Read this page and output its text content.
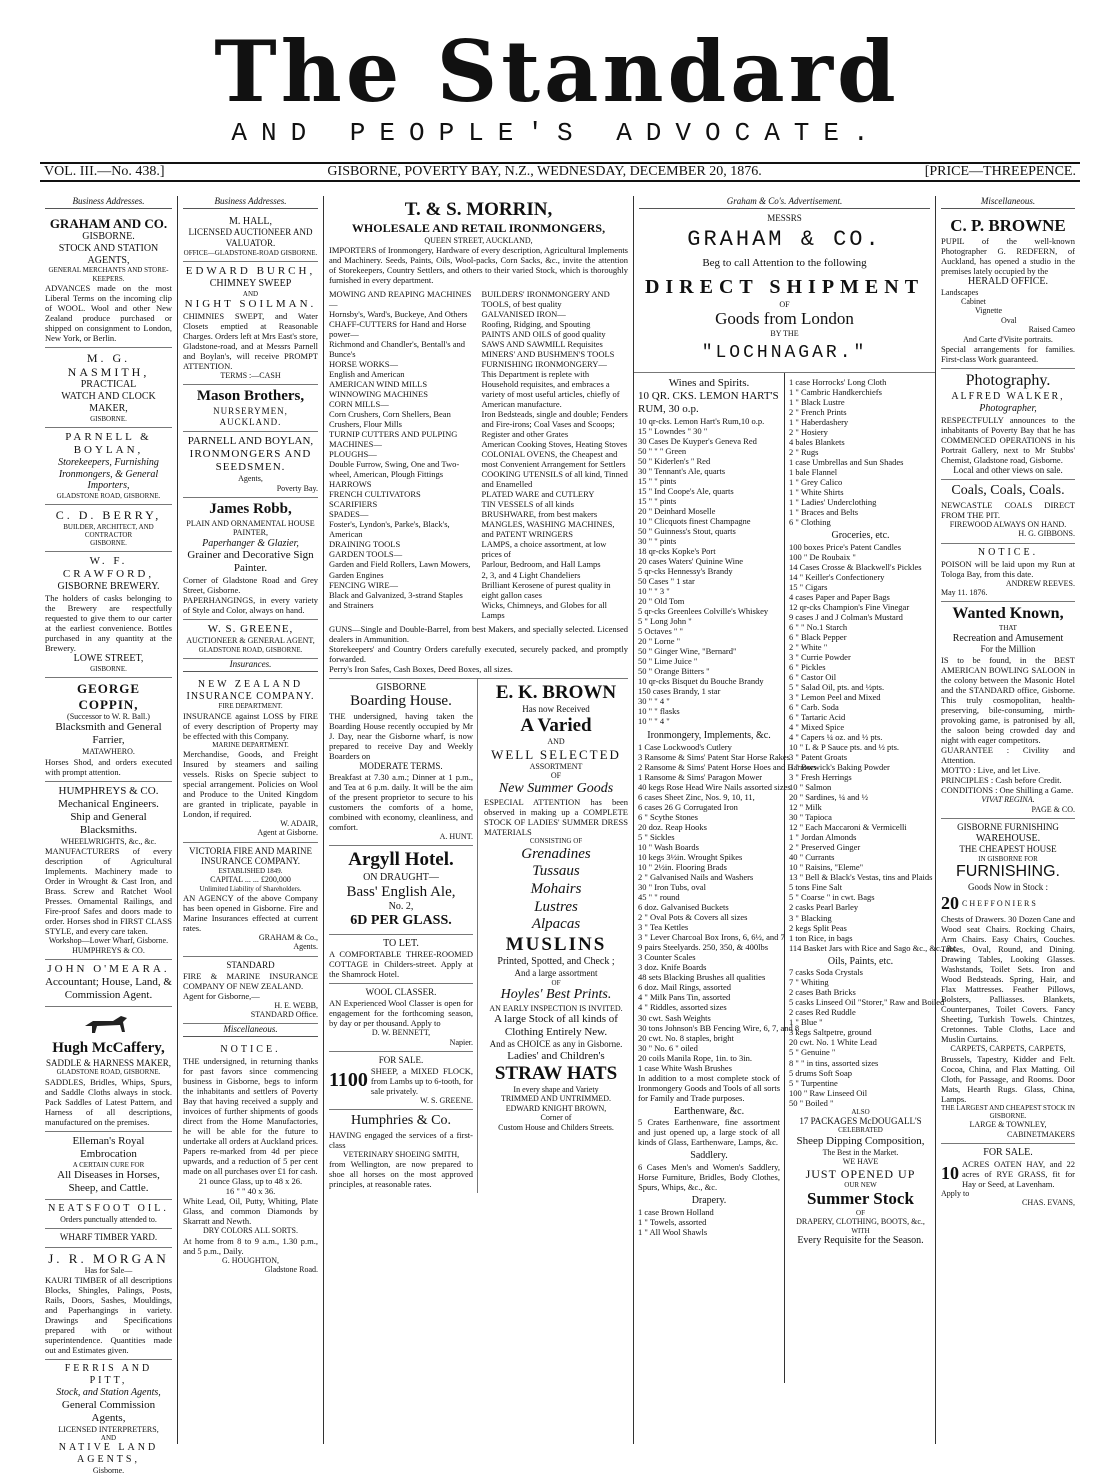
The Standard
AND PEOPLE'S ADVOCATE.
VOL. III.—No. 438.]	GISBORNE, POVERTY BAY, N.Z., WEDNESDAY, DECEMBER 20, 1876.	[PRICE—THREEPENCE.
Business Addresses.
GRAHAM AND CO.
GISBORNE.
STOCK AND STATION AGENTS,
GENERAL MERCHANTS AND STORE-KEEPERS.
ADVANCES made on the most Liberal Terms on the incoming clip of WOOL. Wool and other New Zealand produce purchased or shipped on consignment to London, New York, or Berlin.
M. G. NASMITH,
PRACTICAL
WATCH AND CLOCK MAKER,
GISBORNE.
PARNELL & BOYLAN,
Storekeepers, Furnishing Ironmongers, & General Importers,
GLADSTONE ROAD, GISBORNE.
C. D. BERRY,
BUILDER, ARCHITECT, AND CONTRACTOR
GISBORNE.
W. F. CRAWFORD,
GISBORNE BREWERY.
The holders of casks belonging to the Brewery are respectfully requested to give them to our carter at the earliest convenience. Bottles purchased in any quantity at the Brewery.
LOWE STREET,
GISBORNE.
GEORGE COPPIN,
(Successor to W. R. Ball.)
Blacksmith and General Farrier,
MATAWHERO.
Horses Shod, and orders executed with prompt attention.
HUMPHREYS & CO.
Mechanical Engineers.
Ship and General Blacksmiths.
WHEELWRIGHTS, &c., &c.
MANUFACTURERS of every description of Agricultural Implements. Machinery made to Order in Wrought & Cast Iron, and Brass. Screw and Ratchet Wool Presses. Ornamental Railings, and Fire-proof Safes and doors made to order. Horses shod in FIRST CLASS STYLE, and every care taken.
Workshop—Lower Wharf, Gisborne.
HUMPHREYS & CO.
JOHN O'MEARA.
Accountant; House, Land, & Commission Agent.
Hugh McCaffery,
SADDLE & HARNESS MAKER,
GLADSTONE ROAD, GISBORNE.
SADDLES, Bridles, Whips, Spurs, and Saddle Cloths always in stock. Pack Saddles of Latest Pattern, and Harness of all descriptions, manufactured on the premises.
Elleman's Royal Embrocation
A CERTAIN CURE FOR
All Diseases in Horses, Sheep, and Cattle.
NEATSFOOT OIL.
Orders punctually attended to.
WHARF TIMBER YARD.
J. R. MORGAN
Has for Sale—
KAURI TIMBER of all descriptions Blocks, Shingles, Palings, Posts, Rails, Doors, Sashes, Mouldings, and Paperhangings in variety. Drawings and Specifications prepared with or without superintendence. Quantities made out and Estimates given.
FERRIS AND PITT,
Stock, and Station Agents,
General Commission Agents,
LICENSED INTERPRETERS,
AND
NATIVE LAND AGENTS,
Gisborne.
Business Addresses.
M. HALL,
LICENSED AUCTIONEER AND VALUATOR.
OFFICE—GLADSTONE-ROAD GISBORNE.
EDWARD BURCH,
CHIMNEY SWEEP
AND
NIGHT SOILMAN.
CHIMNIES SWEPT, and Water Closets emptied at Reasonable Charges. Orders left at Mrs East's store, Gladstone-road, and at Messrs Parnell and Boylan's, will receive PROMPT ATTENTION.
TERMS :—CASH
Mason Brothers,
NURSERYMEN, AUCKLAND.
PARNELL AND BOYLAN,
IRONMONGERS AND SEEDSMEN.
Agents,
Poverty Bay.
James Robb,
PLAIN AND ORNAMENTAL HOUSE PAINTER,
Paperhanger & Glazier,
Grainer and Decorative Sign Painter.
Corner of Gladstone Road and Grey Street, Gisborne.
PAPERHANGINGS, in every variety of Style and Color, always on hand.
W. S. GREENE,
AUCTIONEER & GENERAL AGENT,
GLADSTONE ROAD, GISBORNE.
Insurances.
NEW ZEALAND
INSURANCE COMPANY.
FIRE DEPARTMENT.
INSURANCE against LOSS by FIRE of every description of Property may be effected with this Company.
MARINE DEPARTMENT.
Merchandise, Goods, and Freight Insured by steamers and sailing vessels. Risks on Specie subject to special arrangement. Policies on Wool and Produce to the United Kingdom are granted in triplicate, payable in London, if required.
W. ADAIR,
Agent at Gisborne.
VICTORIA FIRE AND MARINE INSURANCE COMPANY.
ESTABLISHED 1849.
CAPITAL ... ... £200,000
Unlimited Liability of Shareholders.
AN AGENCY of the above Company has been opened in Gisborne. Fire and Marine Insurances effected at current rates.
GRAHAM & Co.,
Agents.
STANDARD
FIRE & MARINE INSURANCE COMPANY OF NEW ZEALAND.
Agent for Gisborne,—
H. E. WEBB,
STANDARD Office.
Miscellaneous.
NOTICE.
THE undersigned, in returning thanks for past favors since commencing business in Gisborne, begs to inform the inhabitants and settlers of Poverty Bay that having received a supply and invoices of further shipments of goods direct from the Home Manufactories, he will be able for the future to undertake all orders at Auckland prices. Papers re-marked from 4d per piece upwards, and a reduction of 5 per cent made on all purchases over £1 for cash.
21 ounce Glass, up to 48 x 26.
16 " " 40 x 36.
White Lead, Oil, Putty, Whiting, Plate Glass, and common Diamonds by Skarratt and Newth.
DRY COLORS ALL SORTS.
At home from 8 to 9 a.m., 1.30 p.m., and 5 p.m., Daily.
G. HOUGHTON,
Gladstone Road.
T. & S. MORRIN,
WHOLESALE AND RETAIL IRONMONGERS,
QUEEN STREET, AUCKLAND,
IMPORTERS of Ironmongery, Hardware of every description, Agricultural Implements and Machinery. Seeds, Paints, Oils, Wool-packs, Corn Sacks, &c., invite the attention of Storekeepers, Country Settlers, and others to their varied Stock, which is thoroughly furnished in every department.
MOWING AND REAPING MACHINES—
Hornsby's, Ward's, Buckeye, And Others
CHAFF-CUTTERS for Hand and Horse power—
Richmond and Chandler's, Bentall's and Bunce's
HORSE WORKS—
English and American
AMERICAN WIND MILLS
WINNOWING MACHINES
CORN MILLS—
Corn Crushers, Corn Shellers, Bean Crushers, Flour Mills
TURNIP CUTTERS AND PULPING MACHINES—
PLOUGHS—
Double Furrow, Swing, One and Two-wheel, American, Plough Fittings
HARROWS
FRENCH CULTIVATORS
SCARIFIERS
SPADES—
Foster's, Lyndon's, Parke's, Black's, American
DRAINING TOOLS
GARDEN TOOLS—
Garden and Field Rollers, Lawn Mowers, Garden Engines
FENCING WIRE—
Black and Galvanized, 3-strand Staples and Strainers
BUILDERS' IRONMONGERY AND TOOLS, of best quality
GALVANISED IRON—
Roofing, Ridging, and Spouting
PAINTS AND OILS of good quality
SAWS AND SAWMILL Requisites
MINERS' AND BUSHMEN'S TOOLS
FURNISHING IRONMONGERY—
This Department is replete with Household requisites, and embraces a variety of most useful articles, chiefly of American manufacture.
Iron Bedsteads, single and double; Fenders and Fire-irons; Coal Vases and Scoops; Register and other Grates
American Cooking Stoves, Heating Stoves
COLONIAL OVENS, the Cheapest and most Convenient Arrangement for Settlers
COOKING UTENSILS of all kind, Tinned and Enamelled
PLATED WARE and CUTLERY
TIN VESSELS of all kinds
BRUSHWARE, from best makers
MANGLES, WASHING MACHINES, and PATENT WRINGERS
LAMPS, a choice assortment, at low prices of
Parlour, Bedroom, and Hall Lamps
2, 3, and 4 Light Chandeliers
Brilliant Kerosene of purest quality in eight gallon cases
Wicks, Chimneys, and Globes for all Lamps
GUNS—Single and Double-Barrel, from best Makers, and specially selected. Licensed dealers in Ammunition.
Storekeepers' and Country Orders carefully executed, securely packed, and promptly forwarded.
Perry's Iron Safes, Cash Boxes, Deed Boxes, all sizes.
GISBORNE
Boarding House.
THE undersigned, having taken the Boarding House recently occupied by Mr J. Day, near the Gisborne wharf, is now prepared to receive Day and Weekly Boarders on
MODERATE TERMS.
Breakfast at 7.30 a.m.; Dinner at 1 p.m., and Tea at 6 p.m. daily. It will be the aim of the present proprietor to secure to his customers the comforts of a home, combined with economy, cleanliness, and comfort.
A. HUNT.
Argyll Hotel.
ON DRAUGHT—
Bass' English Ale,
No. 2,
6D PER GLASS.
TO LET.
A COMFORTABLE THREE-ROOMED COTTAGE in Childers-street. Apply at the Shamrock Hotel.
WOOL CLASSER.
AN Experienced Wool Classer is open for engagement for the forthcoming season, by day or per thousand. Apply to
D. W. BENNETT,
Napier.
FOR SALE.
1100 SHEEP, a MIXED FLOCK, from Lambs up to 6-tooth, for sale privately.
W. S. GREENE.
Humphries & Co.
HAVING engaged the services of a first-class
VETERINARY SHOEING SMITH,
from Wellington, are now prepared to shoe all horses on the most approved principles, at reasonable rates.
E. K. BROWN
Has now Received
A Varied
AND
WELL SELECTED
ASSORTMENT
OF
New Summer Goods
ESPECIAL ATTENTION has been observed in making up a COMPLETE STOCK OF LADIES' SUMMER DRESS MATERIALS
CONSISTING OF
Grenadines
Tussaus
Mohairs
Lustres
Alpacas
MUSLINS
Printed, Spotted, and Check ;
And a large assortment
OF
Hoyles' Best Prints.
AN EARLY INSPECTION IS INVITED.
A large Stock of all kinds of Clothing Entirely New.
And as CHOICE as any in Gisborne.
Ladies' and Children's
STRAW HATS
In every shape and Variety
TRIMMED AND UNTRIMMED.
EDWARD KNIGHT BROWN,
Corner of
Custom House and Childers Streets.
Graham & Co's. Advertisement.
MESSRS
GRAHAM & CO.
Beg to call Attention to the following
DIRECT SHIPMENT
OF
Goods from London
BY THE
"LOCHNAGAR."
Wines and Spirits.
10 QR. CKS. LEMON HART'S RUM, 30 o.p.
10 qr-cks. Lemon Hart's Rum,10 o.p.
15 " Lowndes " 30 "
30 Cases De Kuyper's Geneva Red
50 " " " Green
50 " Kiderlen's " Red
30 " Tennant's Ale, quarts
15 " " pints
15 " Ind Coope's Ale, quarts
15 " " pints
20 " Deinhard Moselle
10 " Clicquots finest Champagne
50 " Guinness's Stout, quarts
30 " " pints
18 qr-cks Kopke's Port
20 cases Waters' Quinine Wine
5 qr-cks Hennessy's Brandy
50 Cases " 1 star
10 " " 3 "
20 " Old Tom
5 qr-cks Greenlees Colville's Whiskey
5 " Long John "
5 Octaves " "
20 " Lorne "
50 " Ginger Wine, "Bernard"
50 " Lime Juice "
50 " Orange Bitters "
10 qr-cks Bisquet du Bouche Brandy
150 cases Brandy, 1 star
30 " " 4 "
10 " " flasks
10 " " 4 "
Ironmongery, Implements, &c.
1 Case Lockwood's Cutlery
3 Ransome & Sims' Patent Star Horse Rakes
2 Ransome & Sims' Patent Horse Hoes and Harrows
1 Ransome & Sims' Paragon Mower
40 kegs Rose Head Wire Nails assorted sizes
6 cases Sheet Zinc, Nos. 9, 10, 11,
6 cases 26 G Corrugated Iron
6 " Scythe Stones
20 doz. Reap Hooks
5 " Sickles
10 " Wash Boards
10 kegs 3½in. Wrought Spikes
10 " 2½in. Flooring Brads
2 " Galvanised Nails and Washers
30 " Iron Tubs, oval
45 " " round
6 doz. Galvanised Buckets
2 " Oval Pots & Covers all sizes
3 " Tea Kettles
3 " Lever Charcoal Box Irons, 6, 6½, and 7
9 pairs Steelyards. 250, 350, & 400lbs
3 Counter Scales
3 doz. Knife Boards
48 sets Blacking Brushes all qualities
6 doz. Mail Rings, assorted
4 " Milk Pans Tin, assorted
4 " Riddles, assorted sizes
30 cwt. Sash Weights
30 tons Johnson's BB Fencing Wire, 6, 7, and 8
20 cwt. No. 8 staples, bright
30 " No. 6 " oiled
20 coils Manila Rope, 1in. to 3in.
1 case White Wash Brushes
In addition to a most complete stock of Ironmongery Goods and Tools of all sorts for Family and Trade purposes.
Earthenware, &c.
5 Crates Earthenware, fine assortment and just opened up, a large stock of all kinds of Glass, Earthenware, Lamps, &c.
Saddlery.
6 Cases Men's and Women's Saddlery, Horse Furniture, Bridles, Body Clothes, Spurs, Whips, &c., &c.
Drapery.
1 case Brown Holland
1 " Towels, assorted
1 " All Wool Shawls
1 case Horrocks' Long Cloth
1 " Cambric Handkerchiefs
1 " Black Lustre
2 " French Prints
1 " Haberdashery
2 " Hosiery
4 bales Blankets
2 " Rugs
1 case Umbrellas and Sun Shades
1 bale Flannel
1 " Grey Calico
1 " White Shirts
1 " Ladies' Underclothing
1 " Braces and Belts
6 " Clothing
Groceries, etc.
100 boxes Price's Patent Candles
100 " De Roubaix "
14 Cases Crosse & Blackwell's Pickles
14 " Keiller's Confectionery
15 " Cigars
4 cases Paper and Paper Bags
12 qr-cks Champion's Fine Vinegar
9 cases J and J Colman's Mustard
6 " " No.1 Starch
6 " Black Pepper
2 " White "
3 " Currie Powder
6 " Pickles
6 " Castor Oil
5 " Salad Oil, pts. and ½pts.
3 " Lemon Peel and Mixed
6 " Carb. Soda
6 " Tartaric Acid
4 " Mixed Spice
4 " Capers ¼ oz. and ½ pts.
10 " L & P Sauce pts. and ½ pts.
3 " Patent Groats
3 " Borwick's Baking Powder
3 " Fresh Herrings
10 " Salmon
20 " Sardines, ¼ and ½
12 " Milk
30 " Tapioca
12 " Each Maccaroni & Vermicelli
1 " Jordan Almonds
2 " Preserved Ginger
40 " Currants
10 " Raisins, "Eleme"
13 " Bell & Black's Vestas, tins and Plaids
5 tons Fine Salt
5 " Coarse " in cwt. Bags
2 casks Pearl Barley
3 " Blacking
2 kegs Split Peas
1 ton Rice, in bags
114 Basket Jars with Rice and Sago &c., &c., &c.
Oils, Paints, etc.
7 casks Soda Crystals
7 " Whiting
2 cases Bath Bricks
5 casks Linseed Oil "Storer," Raw and Boiled
2 cases Red Ruddle
1 " Blue "
3 kegs Saltpetre, ground
20 cwt. No. 1 White Lead
5 " Genuine "
8 " " in tins, assorted sizes
5 drums Soft Soap
5 " Turpentine
100 " Raw Linseed Oil
50 " Boiled "
ALSO
17 PACKAGES McDOUGALL'S
CELEBRATED
Sheep Dipping Composition,
The Best in the Market.
WE HAVE
JUST OPENED UP
OUR NEW
Summer Stock
OF
DRAPERY, CLOTHING, BOOTS, &c.,
WITH
Every Requisite for the Season.
Miscellaneous.
C. P. BROWNE
PUPIL of the well-known Photographer G. REDFERN, of Auckland, has opened a studio in the premises lately occupied by the
HERALD OFFICE.
Landscapes
Cabinet
Vignette
Oval
Raised Cameo
And Carte d'Visite portraits.
Special arrangements for families. First-class Work guaranteed.
Photography.
ALFRED WALKER,
Photographer,
RESPECTFULLY announces to the inhabitants of Poverty Bay that he has COMMENCED OPERATIONS in his Portrait Gallery, next to Mr Stubbs' Chemist, Gladstone road, Gisborne.
Local and other views on sale.
Coals, Coals, Coals.
NEWCASTLE COALS DIRECT FROM THE PIT.
FIREWOOD ALWAYS ON HAND.
H. G. GIBBONS.
NOTICE.
POISON will be laid upon my Run at Tologa Bay, from this date.
ANDREW REEVES.
May 11. 1876.
Wanted Known,
THAT
Recreation and Amusement
For the Million
IS to be found, in the BEST AMERICAN BOWLING SALOON in the colony between the Masonic Hotel and the STANDARD office, Gisborne. This truly cosmopolitan, health-preserving, bile-consuming, mirth-provoking game, is patronised by all, the saloon being crowded day and night with eager competitors.
GUARANTEE : Civility and Attention.
MOTTO : Live, and let Live.
PRINCIPLES : Cash before Credit.
CONDITIONS : One Shilling a Game.
VIVAT REGINA.
PAGE & CO.
GISBORNE FURNISHING
WAREHOUSE.
THE CHEAPEST HOUSE
IN GISBORNE FOR
FURNISHING.
Goods Now in Stock :
20 CHEFFONIERS
Chests of Drawers. 30 Dozen Cane and Wood seat Chairs. Rocking Chairs, Arm Chairs. Easy Chairs, Couches. Tables, Oval, Round, and Dining. Drawing Tables, Looking Glasses. Washstands, Toilet Sets. Iron and Wood Bedsteads. Spring, Hair, and Flax Mattresses. Feather Pillows, Bolsters, Palliasses. Blankets, Counterpanes, Toilet Covers. Fancy Sheeting, Turkish Towels. Chintzes, Cretonnes. Table Cloths, Lace and Muslin Curtains.
CARPETS, CARPETS, CARPETS,
Brussels, Tapestry, Kidder and Felt. Cocoa, China, and Flax Matting. Oil Cloth, for Passage, and Rooms. Door Mats, Hearth Rugs. Glass, China, Lamps.
THE LARGEST AND CHEAPEST STOCK IN GISBORNE.
LARGE & TOWNLEY,
CABINETMAKERS
FOR SALE.
10 ACRES OATEN HAY, and 22 acres of RYE GRASS, fit for Hay or Seed, at Lavenham.
Apply to
CHAS. EVANS,
